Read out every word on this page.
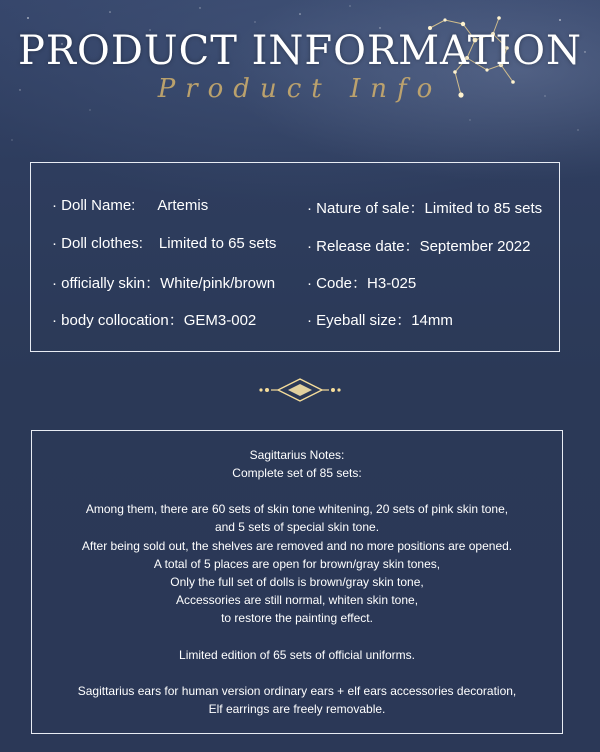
PRODUCT INFORMATION
Product Info
· Doll Name: Artemis
· Doll clothes: Limited to 65 sets
· officially skin：White/pink/brown
· body collocation：GEM3-002
· Nature of sale：Limited to 85 sets
· Release date：September 2022
· Code：H3-025
· Eyeball size：14mm
Sagittarius Notes:
Complete set of 85 sets:
Among them, there are 60 sets of skin tone whitening, 20 sets of pink skin tone,
and 5 sets of special skin tone.
After being sold out, the shelves are removed and no more positions are opened.
A total of 5 places are open for brown/gray skin tones,
Only the full set of dolls is brown/gray skin tone,
Accessories are still normal, whiten skin tone,
to restore the painting effect.
Limited edition of 65 sets of official uniforms.
Sagittarius ears for human version ordinary ears + elf ears accessories decoration,
Elf earrings are freely removable.
